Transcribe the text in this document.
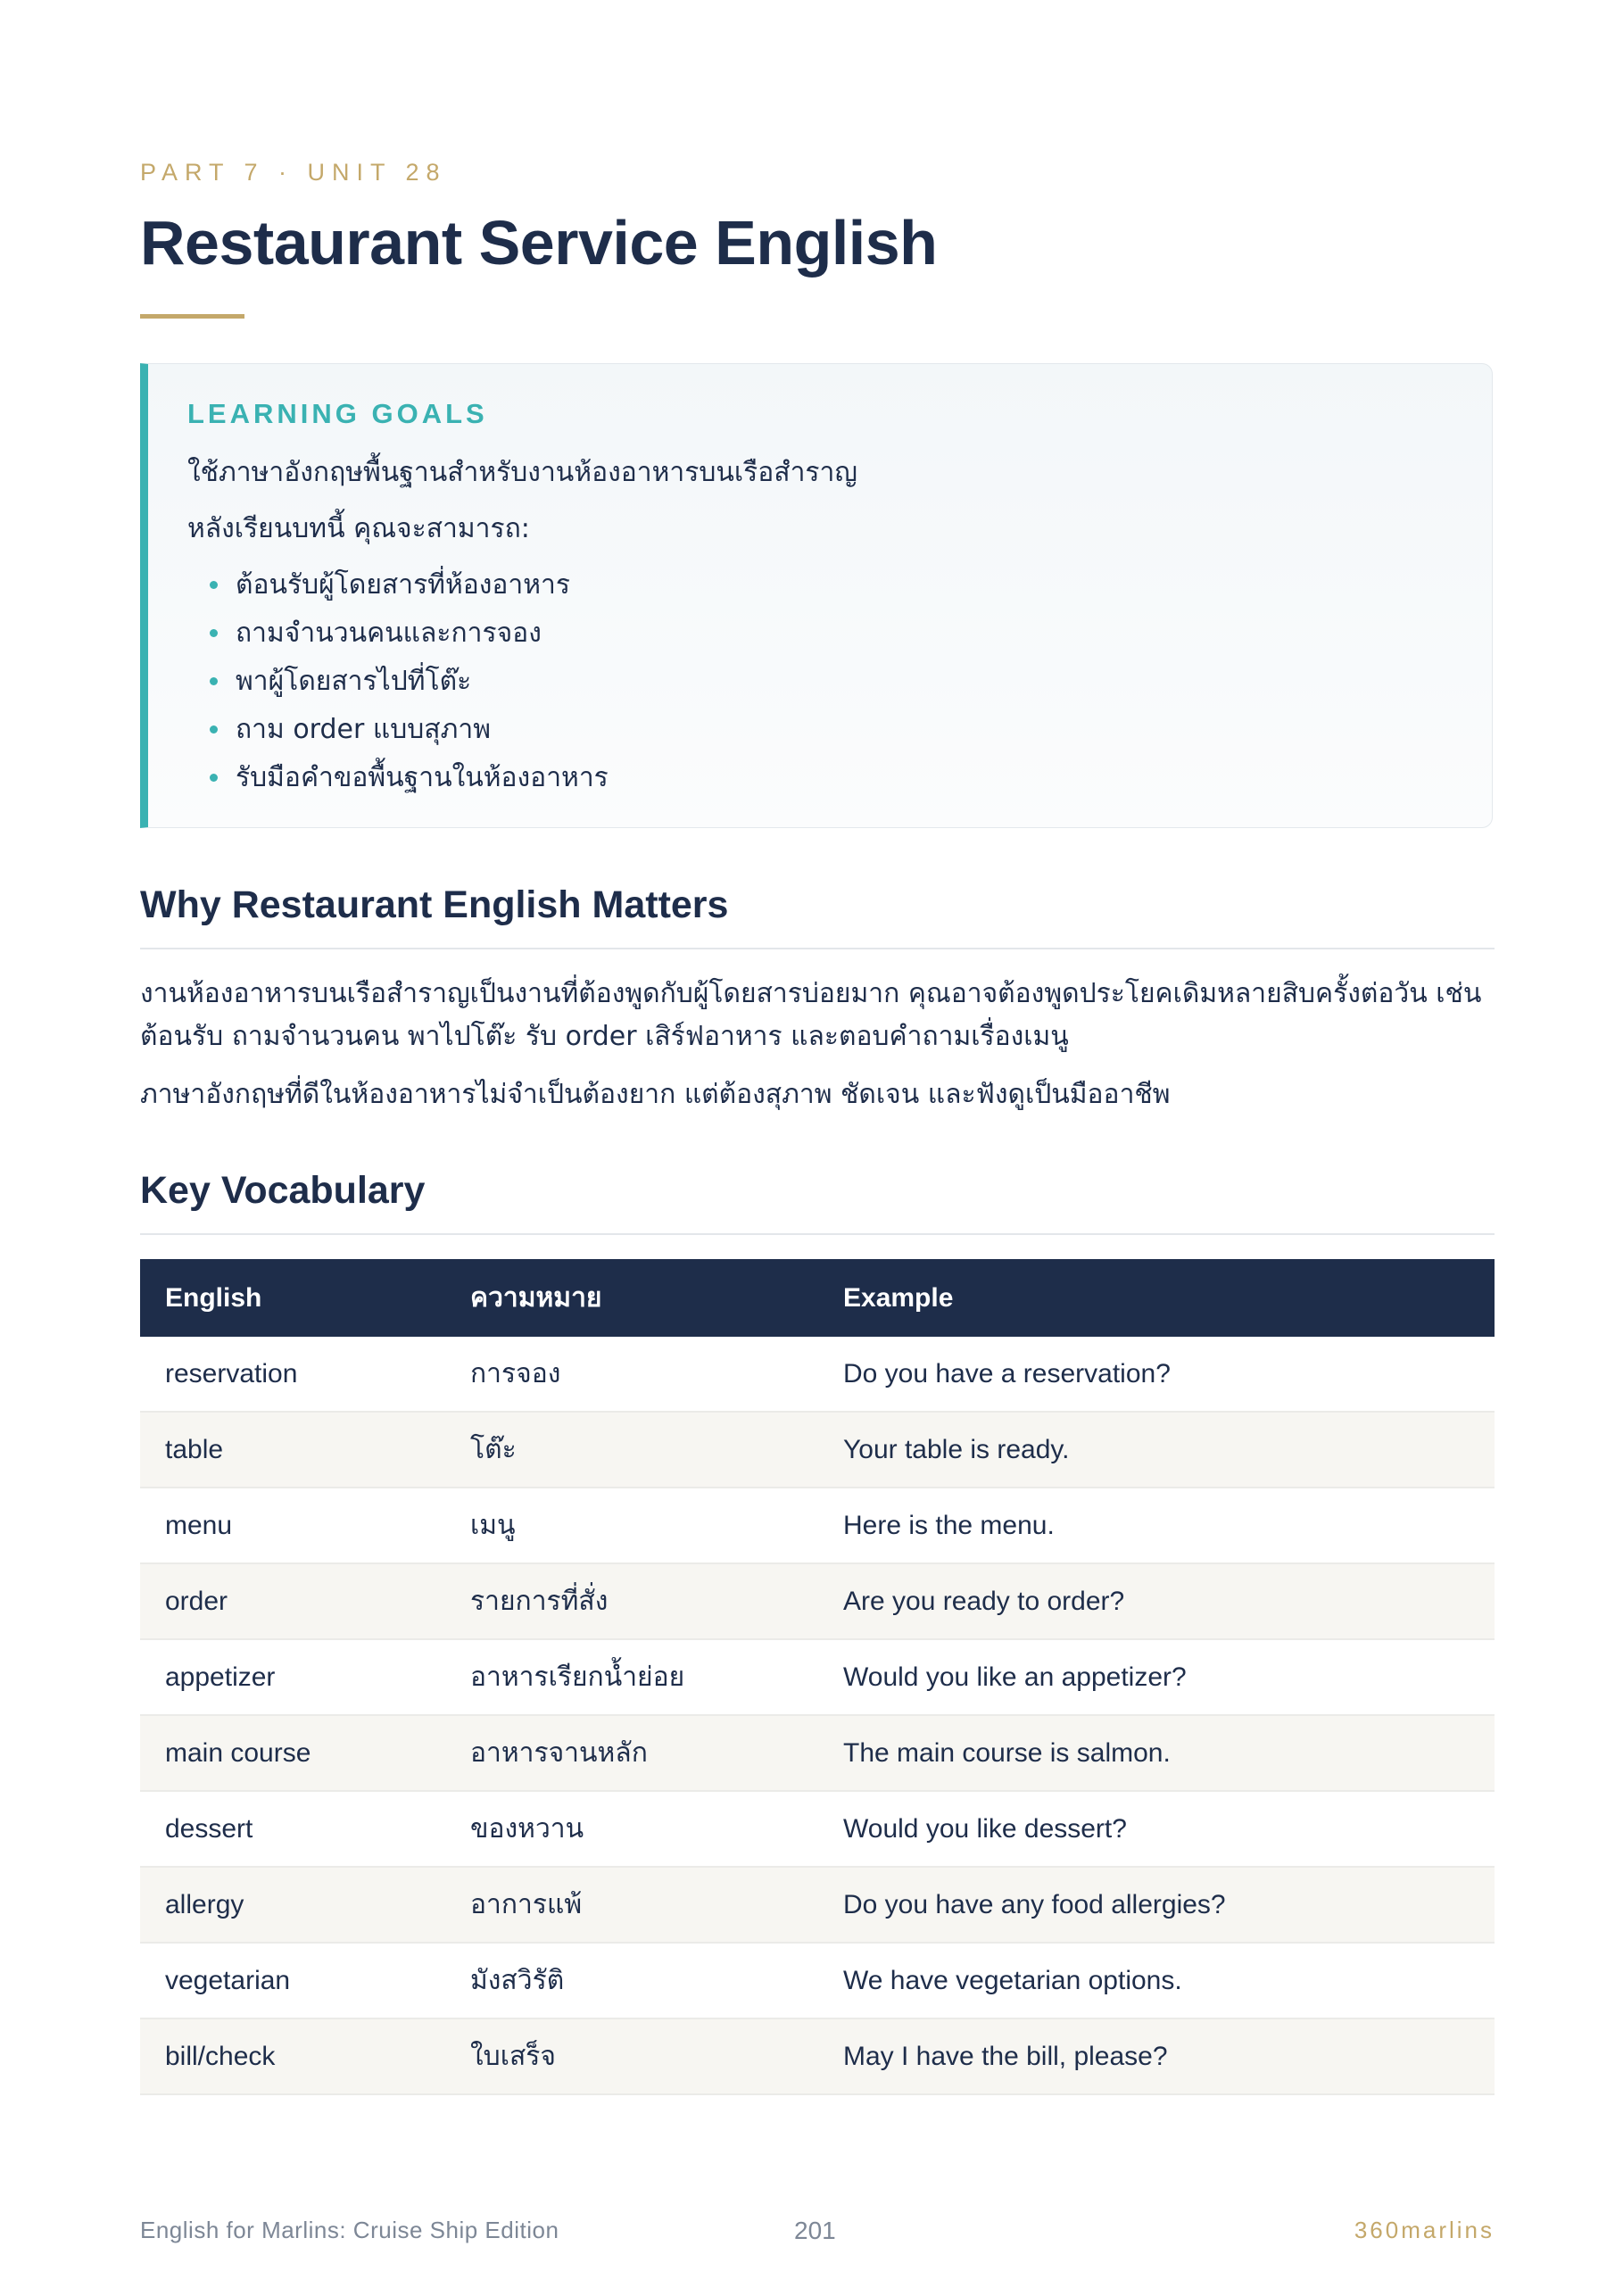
PART 7 · UNIT 28
Restaurant Service English
LEARNING GOALS
ใช้ภาษาอังกฤษพื้นฐานสำหรับงานห้องอาหารบนเรือสำราญ
หลังเรียนบทนี้ คุณจะสามารถ:
ต้อนรับผู้โดยสารที่ห้องอาหาร
ถามจำนวนคนและการจอง
พาผู้โดยสารไปที่โต๊ะ
ถาม order แบบสุภาพ
รับมือคำขอพื้นฐานในห้องอาหาร
Why Restaurant English Matters
งานห้องอาหารบนเรือสำราญเป็นงานที่ต้องพูดกับผู้โดยสารบ่อยมาก คุณอาจต้องพูดประโยคเดิมหลายสิบครั้งต่อวัน เช่น
ต้อนรับ ถามจำนวนคน พาไปโต๊ะ รับ order เสิร์ฟอาหาร และตอบคำถามเรื่องเมนู
ภาษาอังกฤษที่ดีในห้องอาหารไม่จำเป็นต้องยาก แต่ต้องสุภาพ ชัดเจน และฟังดูเป็นมืออาชีพ
Key Vocabulary
English	ความหมาย	Example
reservation	การจอง	Do you have a reservation?
table	โต๊ะ	Your table is ready.
menu	เมนู	Here is the menu.
order	รายการที่สั่ง	Are you ready to order?
appetizer	อาหารเรียกน้ำย่อย	Would you like an appetizer?
main course	อาหารจานหลัก	The main course is salmon.
dessert	ของหวาน	Would you like dessert?
allergy	อาการแพ้	Do you have any food allergies?
vegetarian	มังสวิรัติ	We have vegetarian options.
bill/check	ใบเสร็จ	May I have the bill, please?
English for Marlins: Cruise Ship Edition	201	360marlins
